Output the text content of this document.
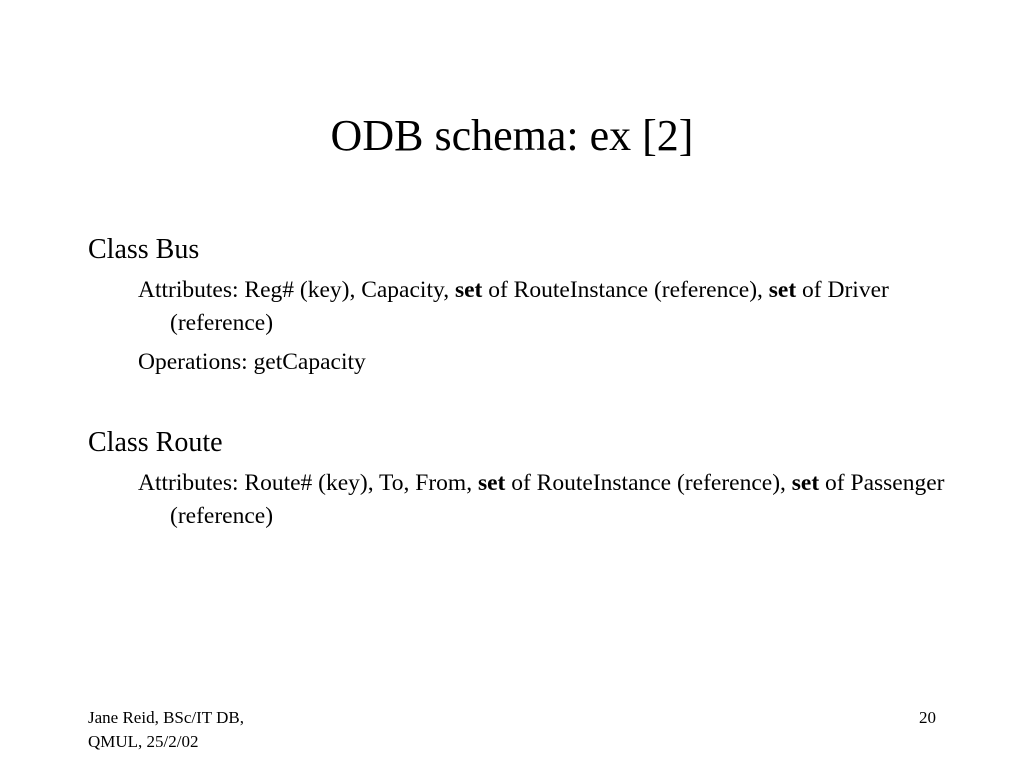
ODB schema: ex [2]

Class Bus

Attributes: Reg# (key), Capacity, set of RouteInstance (reference), set of Driver (reference)

Operations: getCapacity

Class Route

Attributes: Route# (key), To, From, set of RouteInstance (reference), set of Passenger (reference)

Jane Reid, BSc/IT DB,
QMUL, 25/2/02

20
